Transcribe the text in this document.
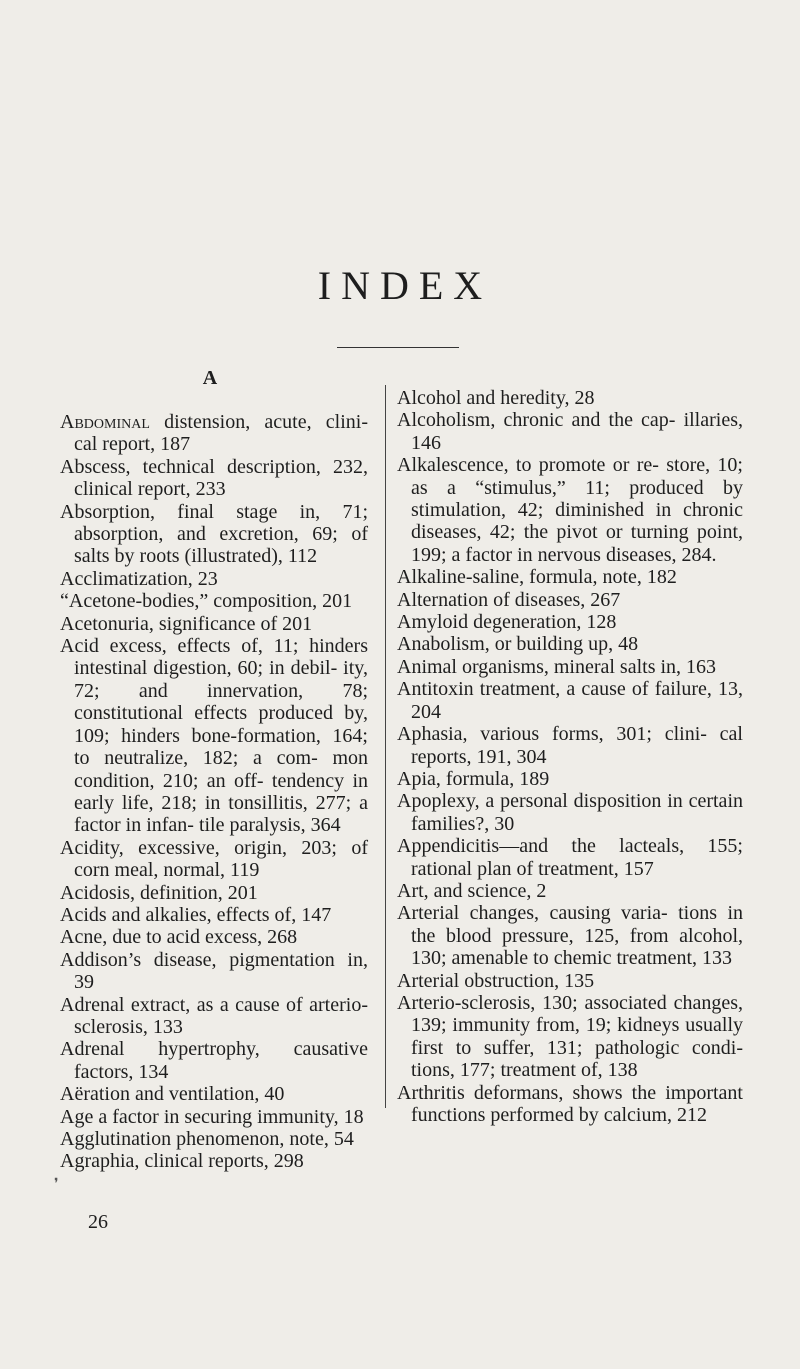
INDEX
A

Abdominal distension, acute, clini- cal report, 187

Abscess, technical description, 232, clinical report, 233

Absorption, final stage in, 71; absorption, and excretion, 69; of salts by roots (illustrated), 112

Acclimatization, 23

“Acetone-bodies,” composition, 201

Acetonuria, significance of 201

Acid excess, effects of, 11; hinders intestinal digestion, 60; in debil- ity, 72; and innervation, 78; constitutional effects produced by, 109; hinders bone-formation, 164; to neutralize, 182; a com- mon condition, 210; an off- tendency in early life, 218; in tonsillitis, 277; a factor in infan- tile paralysis, 364

Acidity, excessive, origin, 203; of corn meal, normal, 119

Acidosis, definition, 201

Acids and alkalies, effects of, 147

Acne, due to acid excess, 268

Addison’s disease, pigmentation in, 39

Adrenal extract, as a cause of arterio-sclerosis, 133

Adrenal hypertrophy, causative factors, 134

Aëration and ventilation, 40

Age a factor in securing immunity, 18

Agglutination phenomenon, note, 54

Agraphia, clinical reports, 298

Alcohol and heredity, 28

Alcoholism, chronic and the cap- illaries, 146

Alkalescence, to promote or re- store, 10; as a “stimulus,” 11; produced by stimulation, 42; diminished in chronic diseases, 42; the pivot or turning point, 199; a factor in nervous diseases, 284.

Alkaline-saline, formula, note, 182

Alternation of diseases, 267

Amyloid degeneration, 128

Anabolism, or building up, 48

Animal organisms, mineral salts in, 163

Antitoxin treatment, a cause of failure, 13, 204

Aphasia, various forms, 301; clini- cal reports, 191, 304

Apia, formula, 189

Apoplexy, a personal disposition in certain families?, 30

Appendicitis—and the lacteals, 155; rational plan of treatment, 157

Art, and science, 2

Arterial changes, causing varia- tions in the blood pressure, 125, from alcohol, 130; amenable to chemic treatment, 133

Arterial obstruction, 135

Arterio-sclerosis, 130; associated changes, 139; immunity from, 19; kidneys usually first to suffer, 131; pathologic condi- tions, 177; treatment of, 138

Arthritis deformans, shows the important functions performed by calcium, 212

❜
26
